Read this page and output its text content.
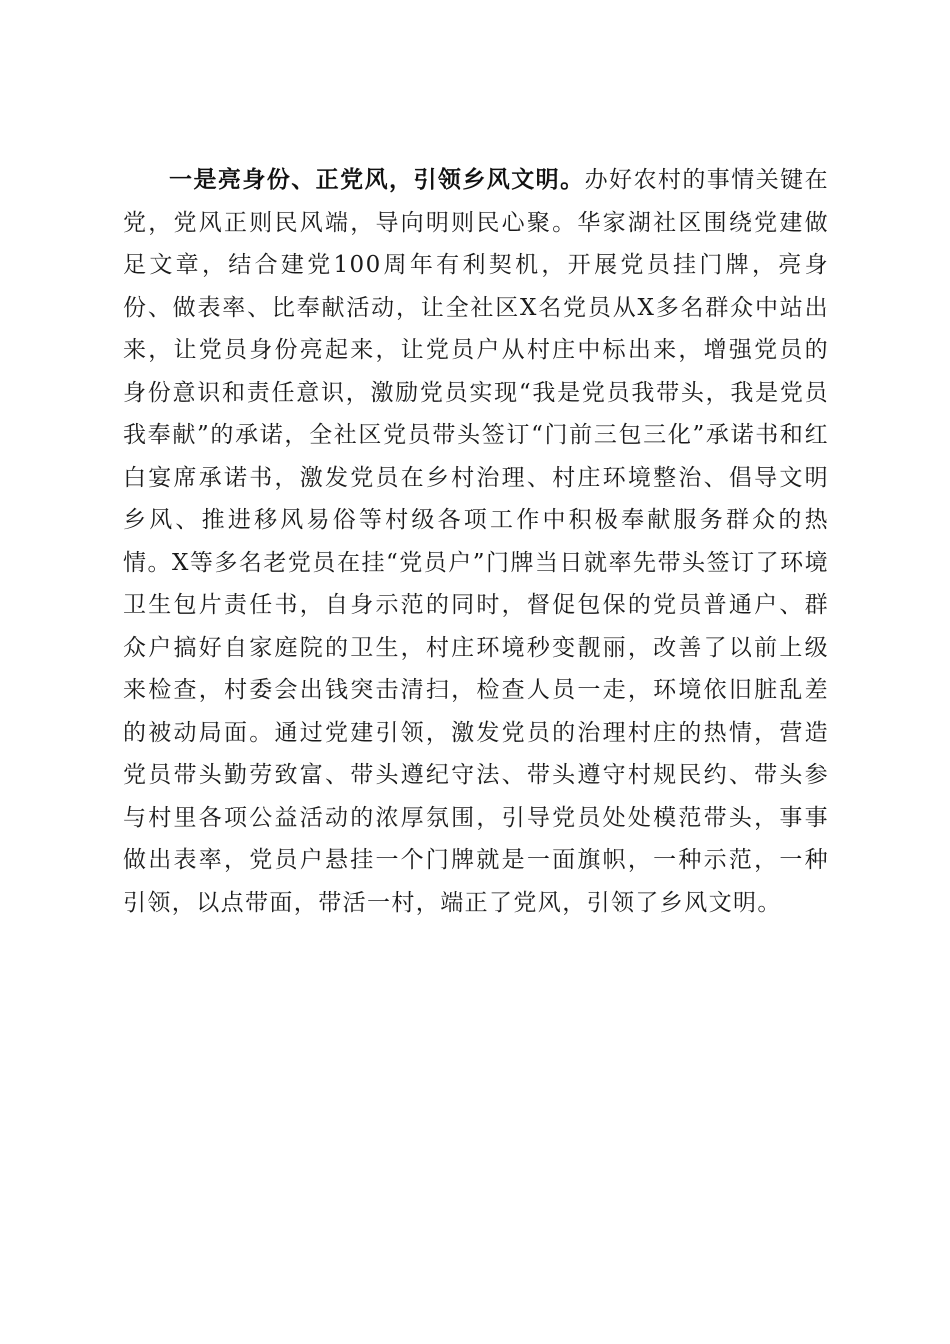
一是亮身份、正党风，引领乡风文明。办好农村的事情关键在党，党风正则民风端，导向明则民心聚。华家湖社区围绕党建做足文章，结合建党100周年有利契机，开展党员挂门牌，亮身份、做表率、比奉献活动，让全社区X名党员从X多名群众中站出来，让党员身份亮起来，让党员户从村庄中标出来，增强党员的身份意识和责任意识，激励党员实现“我是党员我带头，我是党员我奉献”的承诺，全社区党员带头签订“门前三包三化”承诺书和红白宴席承诺书，激发党员在乡村治理、村庄环境整治、倡导文明乡风、推进移风易俗等村级各项工作中积极奉献服务群众的热情。X等多名老党员在挂“党员户”门牌当日就率先带头签订了环境卫生包片责任书，自身示范的同时，督促包保的党员普通户、群众户搞好自家庭院的卫生，村庄环境秒变靓丽，改善了以前上级来检查，村委会出钱突击清扫，检查人员一走，环境依旧脏乱差的被动局面。通过党建引领，激发党员的治理村庄的热情，营造党员带头勤劳致富、带头遵纪守法、带头遵守村规民约、带头参与村里各项公益活动的浓厚氛围，引导党员处处模范带头，事事做出表率，党员户悬挂一个门牌就是一面旗帜，一种示范，一种引领，以点带面，带活一村，端正了党风，引领了乡风文明。
